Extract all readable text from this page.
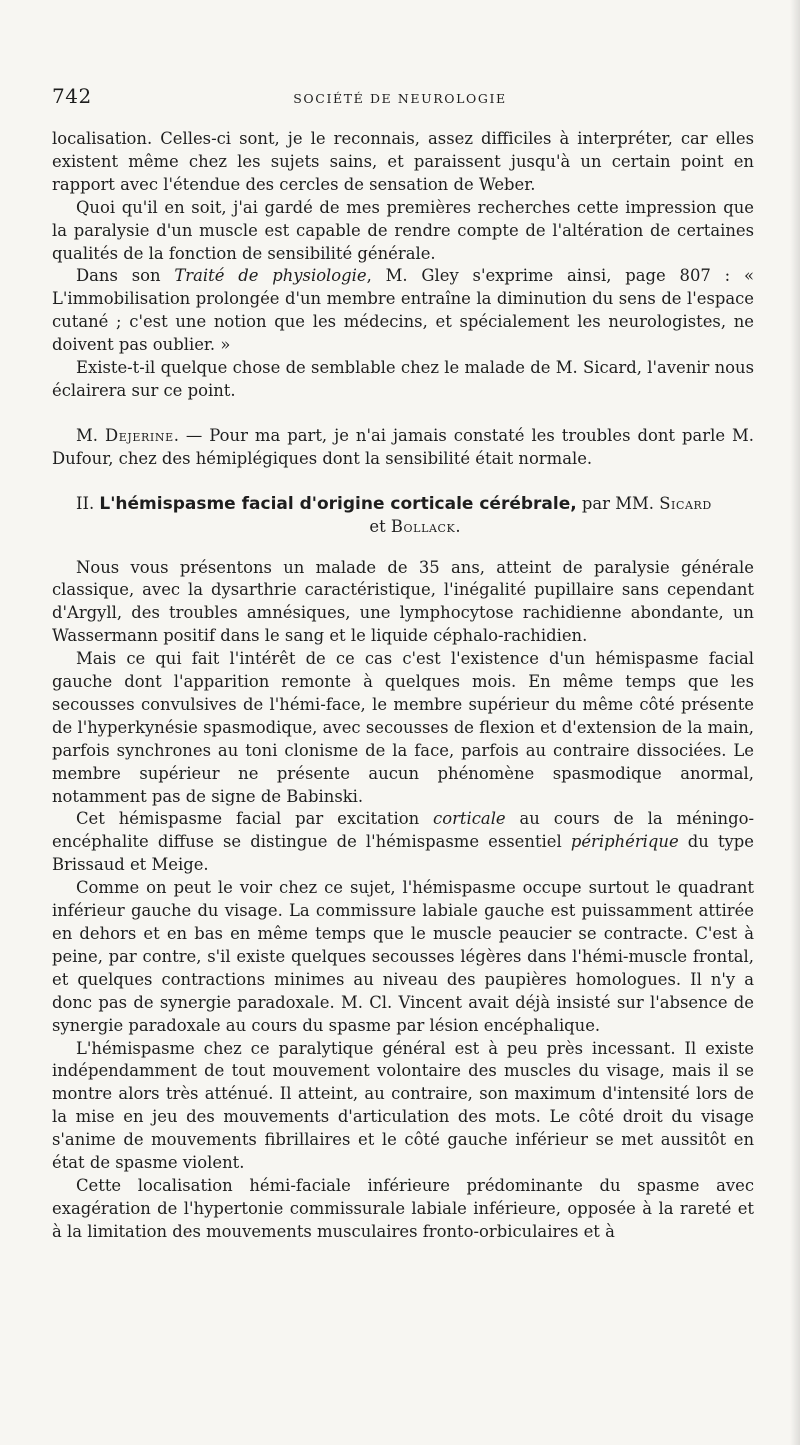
742	SOCIÉTÉ DE NEUROLOGIE

localisation. Celles-ci sont, je le reconnais, assez difficiles à interpréter, car elles existent même chez les sujets sains, et paraissent jusqu'à un certain point en rapport avec l'étendue des cercles de sensation de Weber.

Quoi qu'il en soit, j'ai gardé de mes premières recherches cette impression que la paralysie d'un muscle est capable de rendre compte de l'altération de certaines qualités de la fonction de sensibilité générale.

Dans son Traité de physiologie, M. Gley s'exprime ainsi, page 807 : « L'immobilisation prolongée d'un membre entraîne la diminution du sens de l'espace cutané ; c'est une notion que les médecins, et spécialement les neurologistes, ne doivent pas oublier. »

Existe-t-il quelque chose de semblable chez le malade de M. Sicard, l'avenir nous éclairera sur ce point.

M. Dejerine. — Pour ma part, je n'ai jamais constaté les troubles dont parle M. Dufour, chez des hémiplégiques dont la sensibilité était normale.

II. L'hémispasme facial d'origine corticale cérébrale, par MM. Sicard

et Bollack.

Nous vous présentons un malade de 35 ans, atteint de paralysie générale classique, avec la dysarthrie caractéristique, l'inégalité pupillaire sans cependant d'Argyll, des troubles amnésiques, une lymphocytose rachidienne abondante, un Wassermann positif dans le sang et le liquide céphalo-rachidien.

Mais ce qui fait l'intérêt de ce cas c'est l'existence d'un hémispasme facial gauche dont l'apparition remonte à quelques mois. En même temps que les secousses convulsives de l'hémi-face, le membre supérieur du même côté présente de l'hyperkynésie spasmodique, avec secousses de flexion et d'extension de la main, parfois synchrones au toni clonisme de la face, parfois au contraire dissociées. Le membre supérieur ne présente aucun phénomène spasmodique anormal, notamment pas de signe de Babinski.

Cet hémispasme facial par excitation corticale au cours de la méningo-encéphalite diffuse se distingue de l'hémispasme essentiel périphérique du type Brissaud et Meige.

Comme on peut le voir chez ce sujet, l'hémispasme occupe surtout le quadrant inférieur gauche du visage. La commissure labiale gauche est puissamment attirée en dehors et en bas en même temps que le muscle peaucier se contracte. C'est à peine, par contre, s'il existe quelques secousses légères dans l'hémi-muscle frontal, et quelques contractions minimes au niveau des paupières homologues. Il n'y a donc pas de synergie paradoxale. M. Cl. Vincent avait déjà insisté sur l'absence de synergie paradoxale au cours du spasme par lésion encéphalique.

L'hémispasme chez ce paralytique général est à peu près incessant. Il existe indépendamment de tout mouvement volontaire des muscles du visage, mais il se montre alors très atténué. Il atteint, au contraire, son maximum d'intensité lors de la mise en jeu des mouvements d'articulation des mots. Le côté droit du visage s'anime de mouvements fibrillaires et le côté gauche inférieur se met aussitôt en état de spasme violent.

Cette localisation hémi-faciale inférieure prédominante du spasme avec exagération de l'hypertonie commissurale labiale inférieure, opposée à la rareté et à la limitation des mouvements musculaires fronto-orbiculaires et à
